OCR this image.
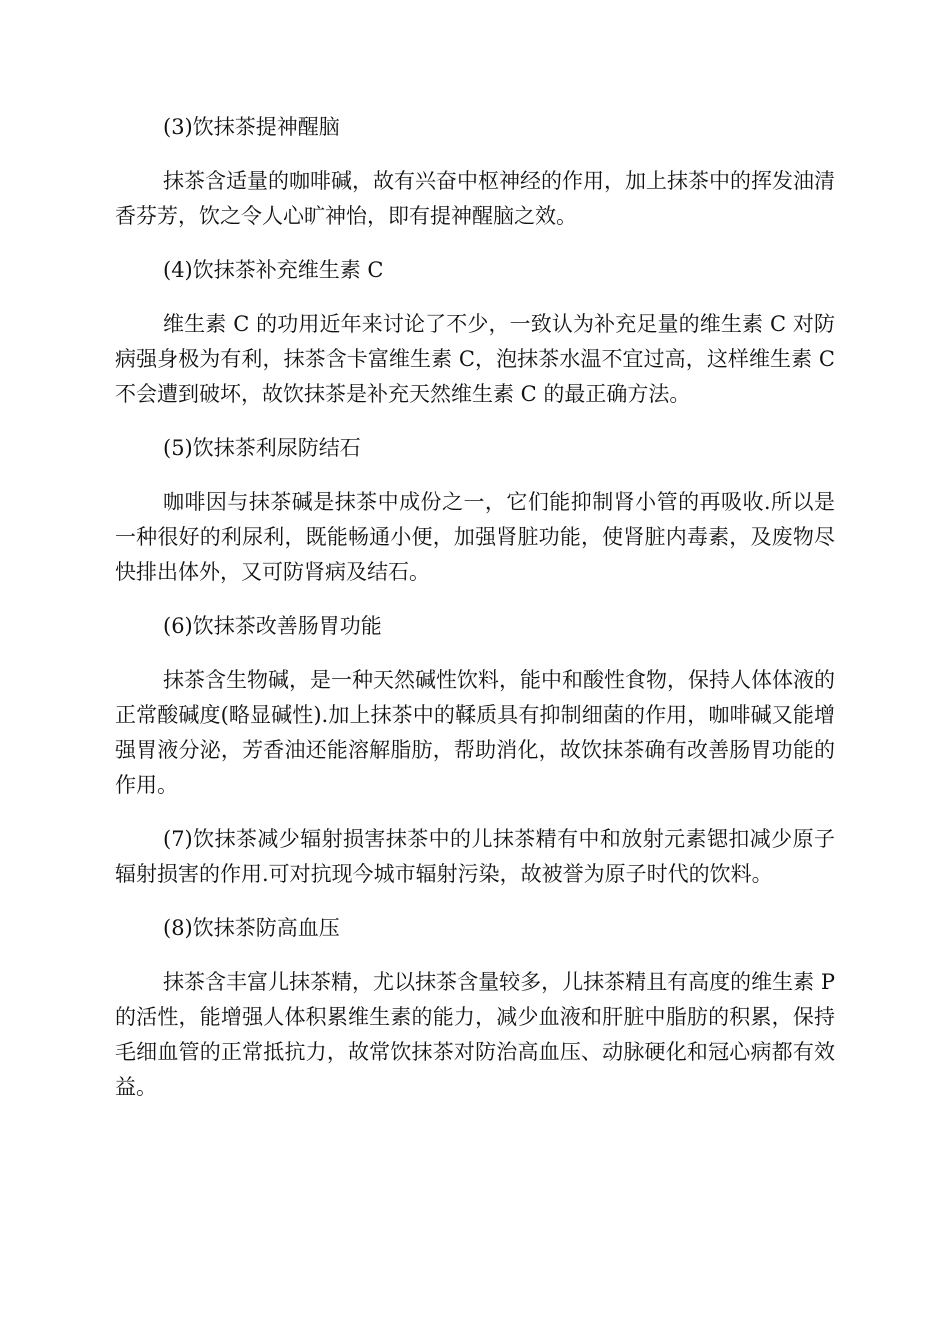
(3)饮抹茶提神醒脑

抹茶含适量的咖啡碱，故有兴奋中枢神经的作用，加上抹茶中的挥发油清香芬芳，饮之令人心旷神怡，即有提神醒脑之效。

(4)饮抹茶补充维生素 C

维生素 C 的功用近年来讨论了不少，一致认为补充足量的维生素 C 对防病强身极为有利，抹茶含卡富维生素 C，泡抹茶水温不宜过高，这样维生素 C 不会遭到破坏，故饮抹茶是补充天然维生素 C 的最正确方法。

(5)饮抹茶利尿防结石

咖啡因与抹茶碱是抹茶中成份之一，它们能抑制肾小管的再吸收.所以是一种很好的利尿利，既能畅通小便，加强肾脏功能，使肾脏内毒素，及废物尽快排出体外，又可防肾病及结石。

(6)饮抹茶改善肠胃功能

抹茶含生物碱，是一种天然碱性饮料，能中和酸性食物，保持人体体液的正常酸碱度(略显碱性).加上抹茶中的鞣质具有抑制细菌的作用，咖啡碱又能增强胃液分泌，芳香油还能溶解脂肪，帮助消化，故饮抹茶确有改善肠胃功能的作用。

(7)饮抹茶减少辐射损害抹茶中的儿抹茶精有中和放射元素锶扣减少原子辐射损害的作用.可对抗现今城市辐射污染，故被誉为原子时代的饮料。

(8)饮抹茶防高血压

抹茶含丰富儿抹茶精，尤以抹茶含量较多，儿抹茶精且有高度的维生素 P 的活性，能增强人体积累维生素的能力，减少血液和肝脏中脂肪的积累，保持毛细血管的正常抵抗力，故常饮抹茶对防治高血压、动脉硬化和冠心病都有效益。
